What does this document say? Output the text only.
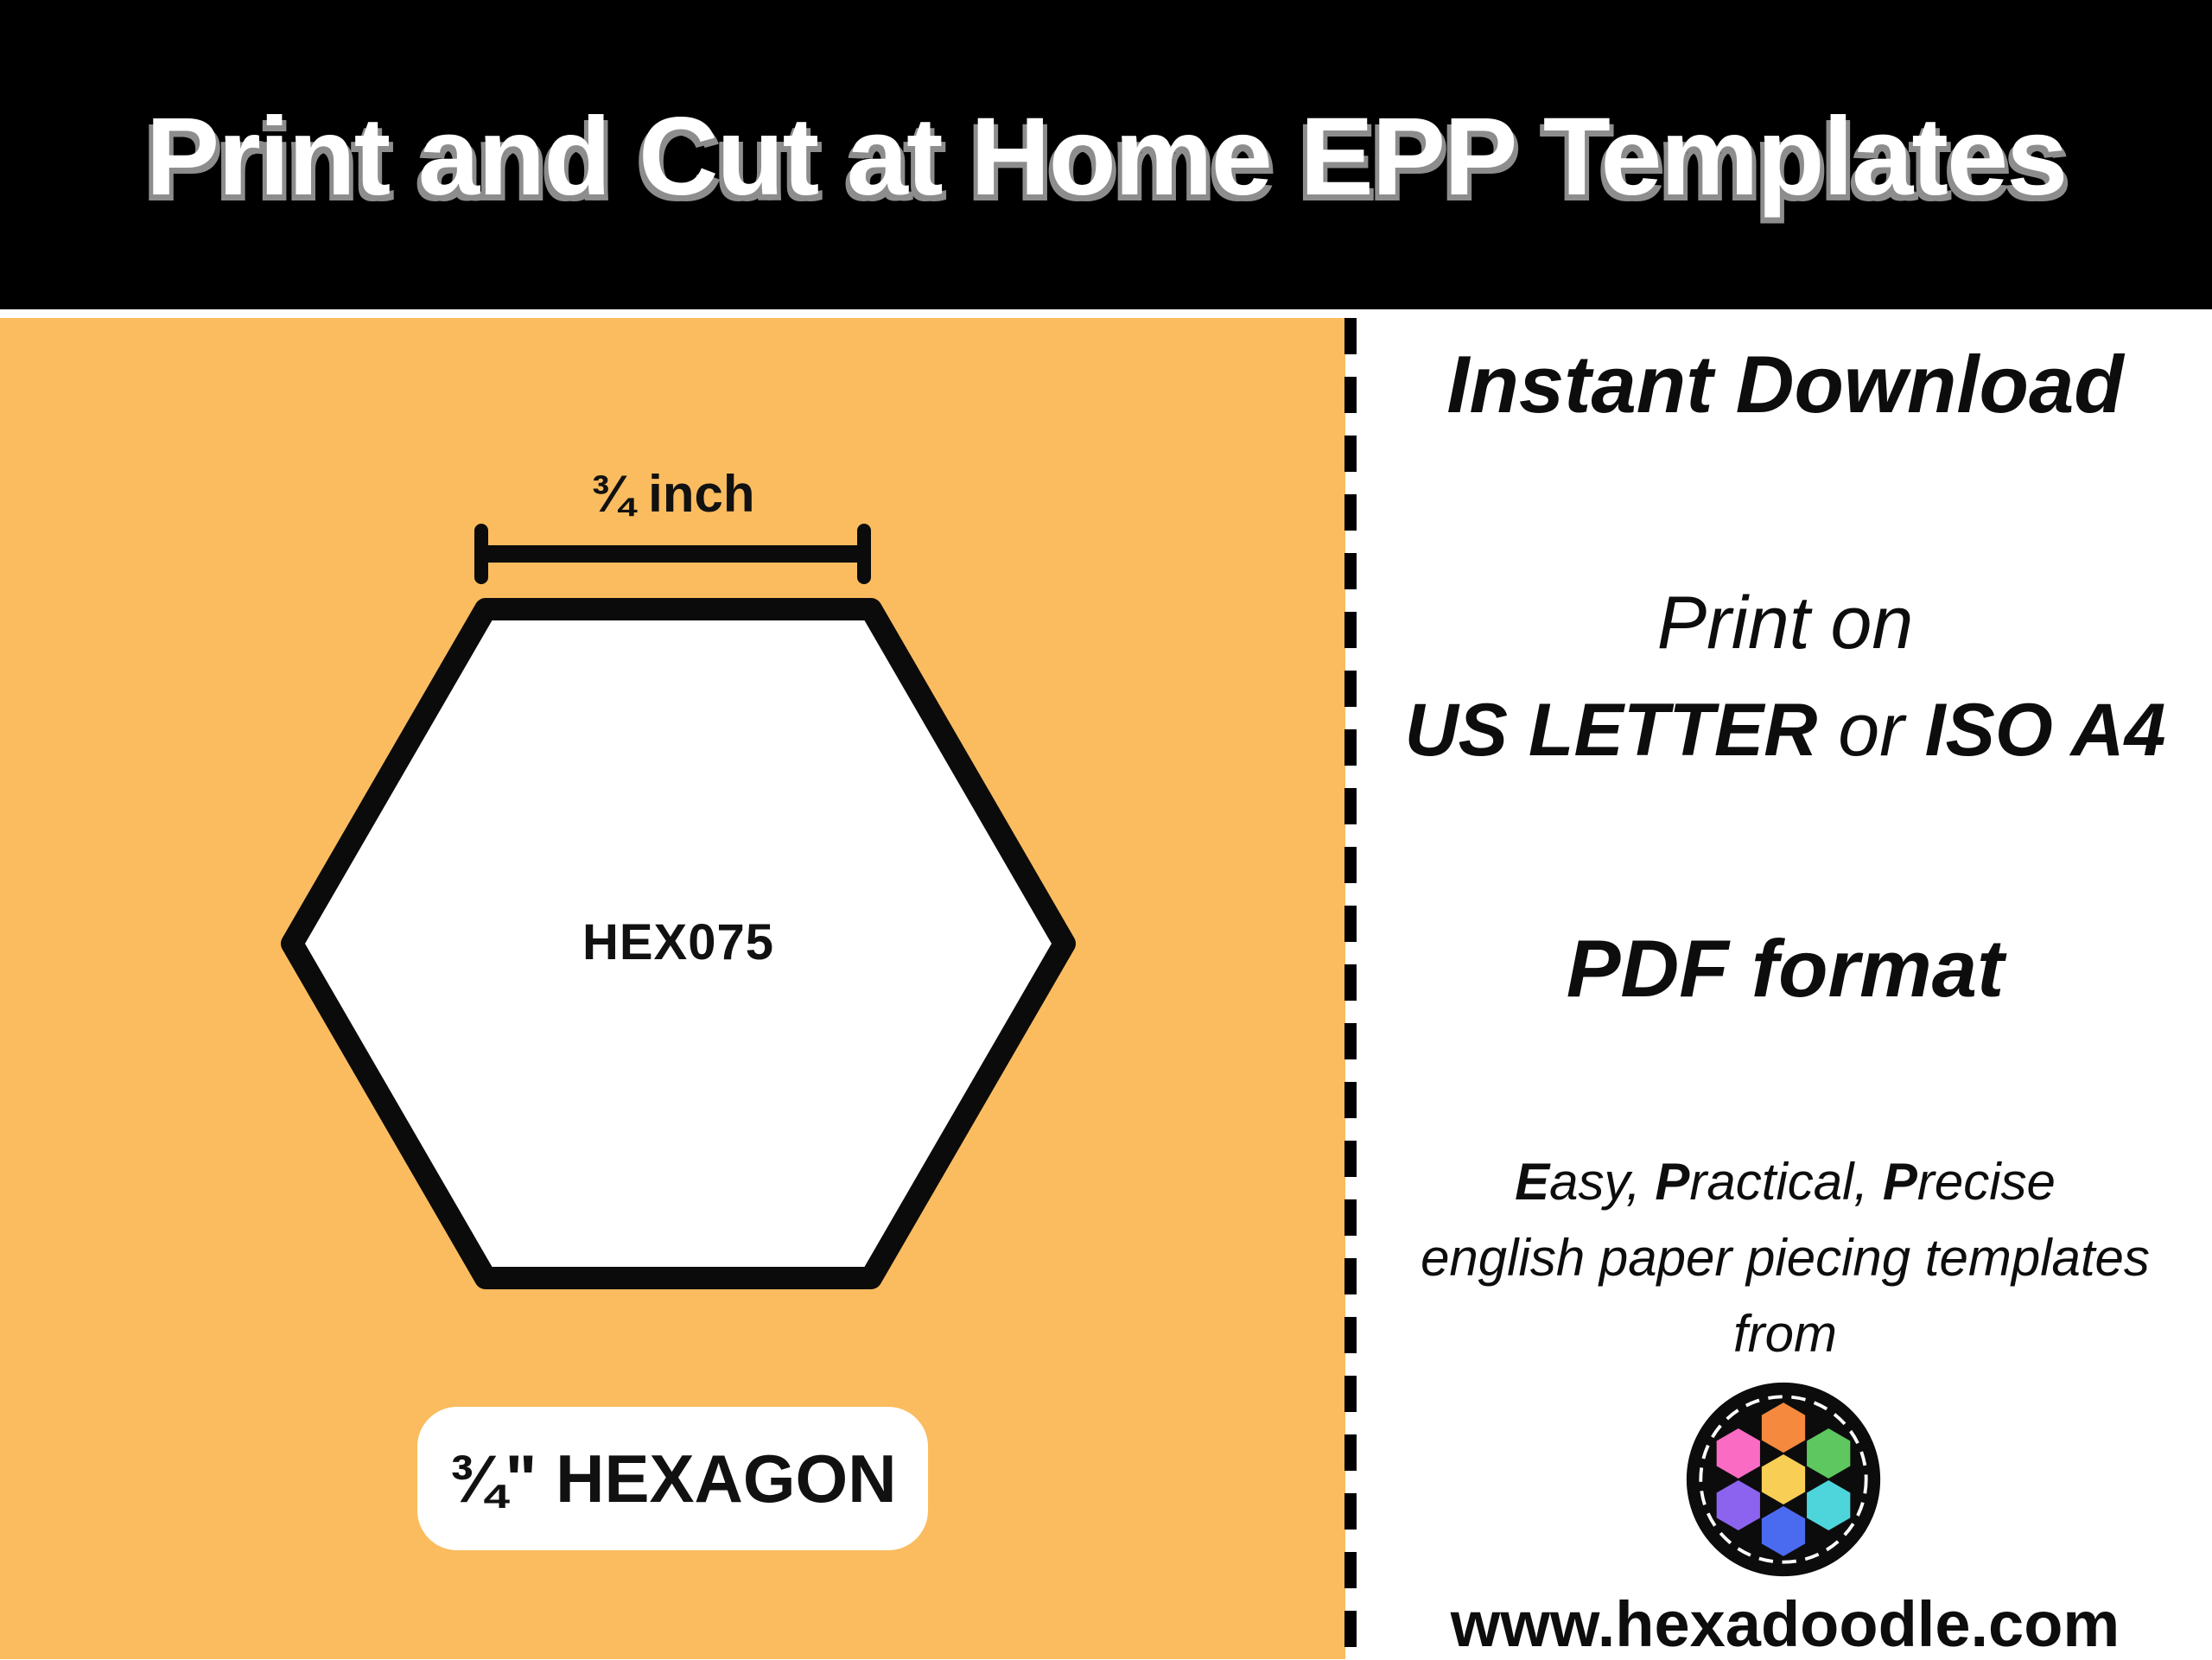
Print and Cut at Home EPP Templates
¾ inch
HEX075
¾" HEXAGON
Instant Download
Print on
US LETTER or ISO A4
PDF format
Easy, Practical, Precise
english paper piecing templates
from
www.hexadoodle.com
